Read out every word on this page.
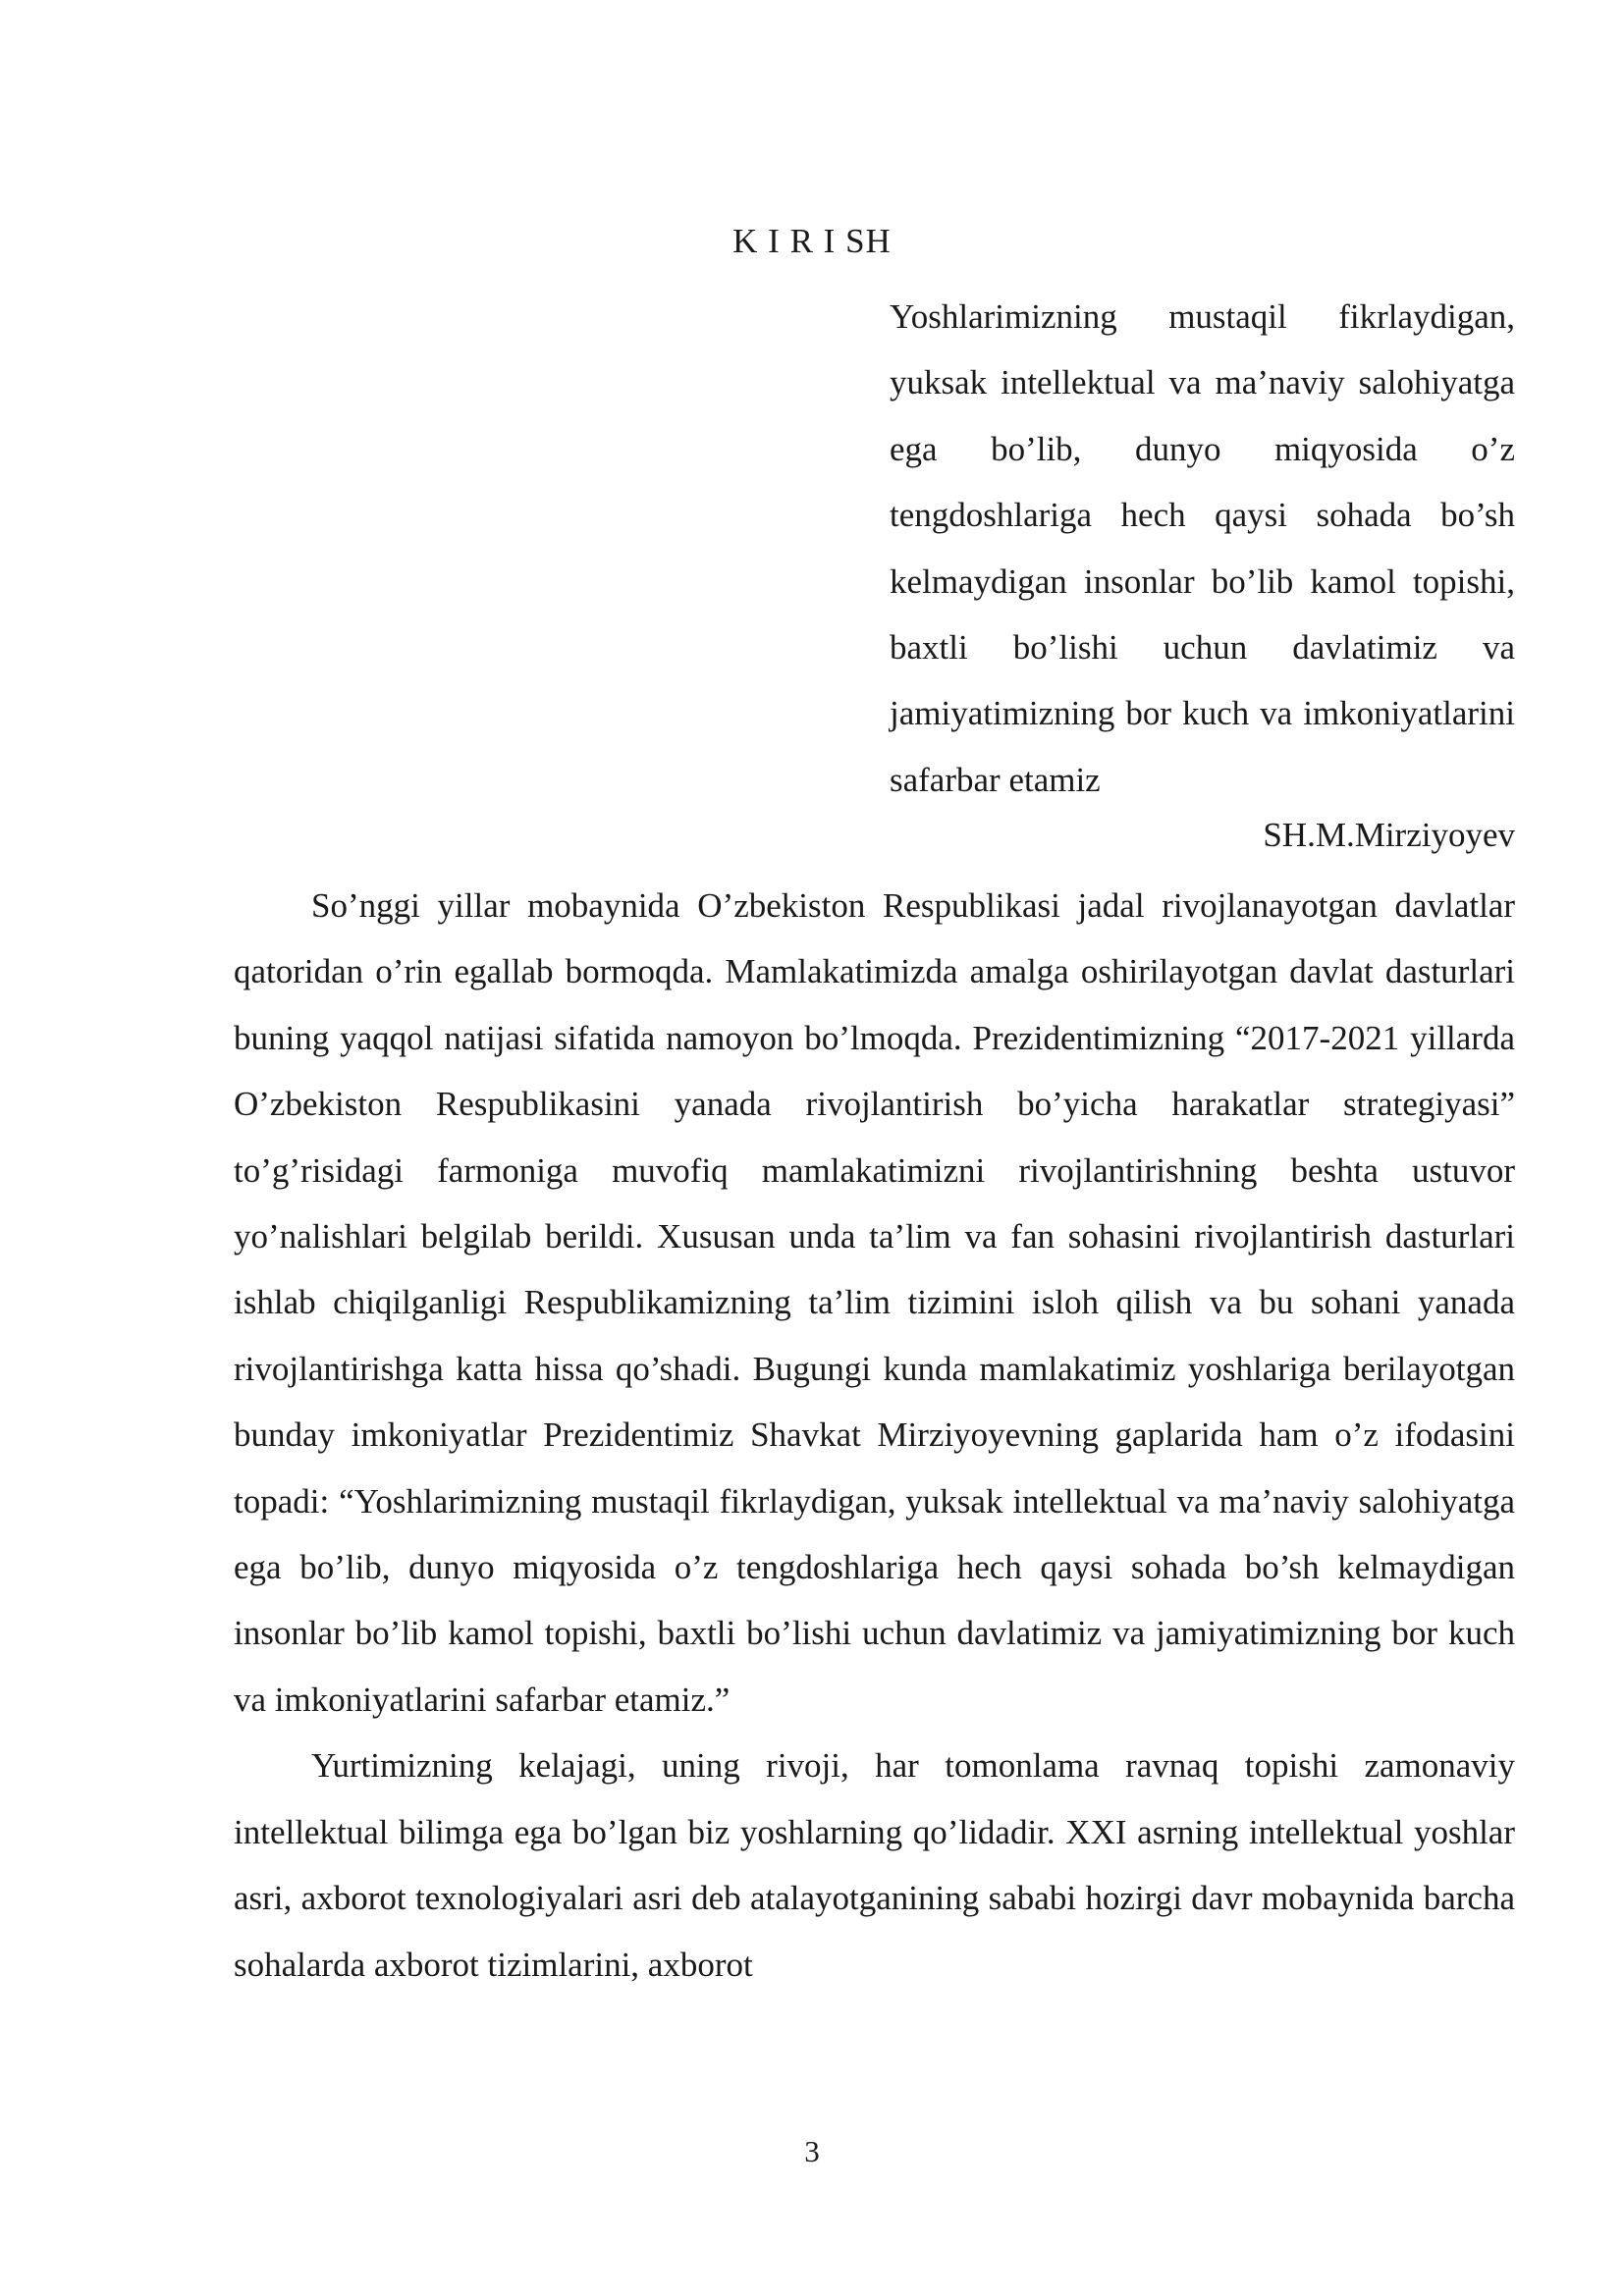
K I R I SH

Yoshlarimizning mustaqil fikrlaydigan, yuksak intellektual va ma’naviy salohiyatga ega bo’lib, dunyo miqyosida o’z tengdoshlariga hech qaysi sohada bo’sh kelmaydigan insonlar bo’lib kamol topishi, baxtli bo’lishi uchun davlatimiz va jamiyatimizning bor kuch va imkoniyatlarini safarbar etamiz

SH.M.Mirziyoyev

So’nggi yillar mobaynida O’zbekiston Respublikasi jadal rivojlanayotgan davlatlar qatoridan o’rin egallab bormoqda. Mamlakatimizda amalga oshirilayotgan davlat dasturlari buning yaqqol natijasi sifatida namoyon bo’lmoqda. Prezidentimizning “2017-2021 yillarda O’zbekiston Respublikasini yanada rivojlantirish bo’yicha harakatlar strategiyasi” to’g’risidagi farmoniga muvofiq mamlakatimizni rivojlantirishning beshta ustuvor yo’nalishlari belgilab berildi. Xususan unda ta’lim va fan sohasini rivojlantirish dasturlari ishlab chiqilganligi Respublikamizning ta’lim tizimini isloh qilish va bu sohani yanada rivojlantirishga katta hissa qo’shadi. Bugungi kunda mamlakatimiz yoshlariga berilayotgan bunday imkoniyatlar Prezidentimiz Shavkat Mirziyoyevning gaplarida ham o’z ifodasini topadi: “Yoshlarimizning mustaqil fikrlaydigan, yuksak intellektual va ma’naviy salohiyatga ega bo’lib, dunyo miqyosida o’z tengdoshlariga hech qaysi sohada bo’sh kelmaydigan insonlar bo’lib kamol topishi, baxtli bo’lishi uchun davlatimiz va jamiyatimizning bor kuch va imkoniyatlarini safarbar etamiz.”

Yurtimizning kelajagi, uning rivoji, har tomonlama ravnaq topishi zamonaviy intellektual bilimga ega bo’lgan biz yoshlarning qo’lidadir. XXI asrning intellektual yoshlar asri, axborot texnologiyalari asri deb atalayotganining sababi hozirgi davr mobaynida barcha sohalarda axborot tizimlarini, axborot

3
